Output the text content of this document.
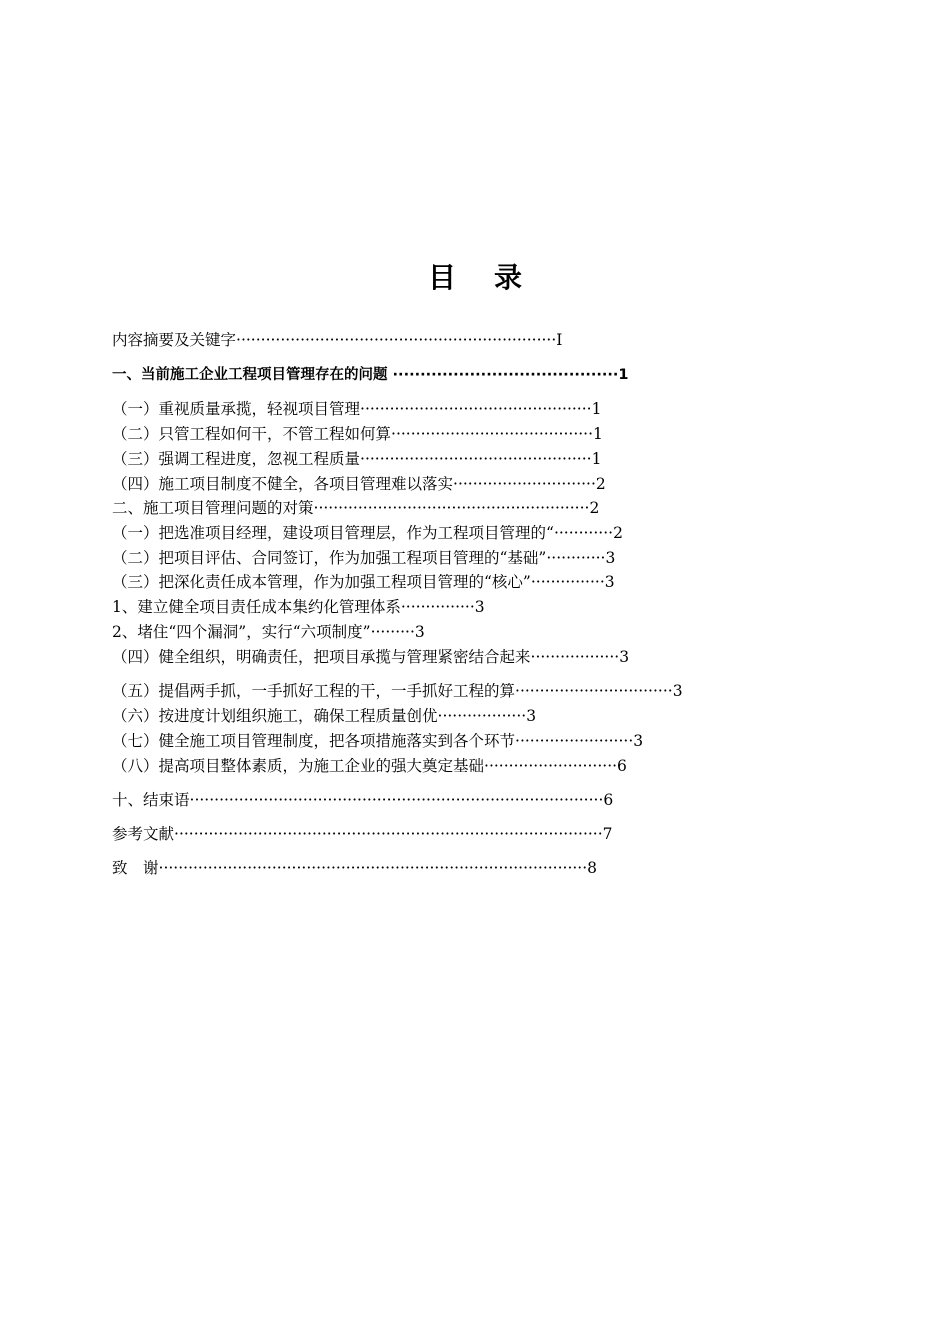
目 录
内容摘要及关键字·································································I
一、当前施工企业工程项目管理存在的问题 ·········································1
（一）重视质量承揽，轻视项目管理···············································1
（二）只管工程如何干，不管工程如何算·········································1
（三）强调工程进度，忽视工程质量···············································1
（四）施工项目制度不健全，各项目管理难以落实·····························2
二、施工项目管理问题的对策························································2
（一）把选准项目经理，建设项目管理层，作为工程项目管理的“············2
（二）把项目评估、合同签订，作为加强工程项目管理的“基础”············3
（三）把深化责任成本管理，作为加强工程项目管理的“核心”···············3
1、建立健全项目责任成本集约化管理体系···············3
2、堵住“四个漏洞”，实行“六项制度”·········3
（四）健全组织，明确责任，把项目承揽与管理紧密结合起来··················3
（五）提倡两手抓，一手抓好工程的干，一手抓好工程的算································3
（六）按进度计划组织施工，确保工程质量创优··················3
（七）健全施工项目管理制度，把各项措施落实到各个环节························3
（八）提高项目整体素质，为施工企业的强大奠定基础···························6
十、结束语····················································································6
参考文献·······················································································7
致　谢·······················································································8
